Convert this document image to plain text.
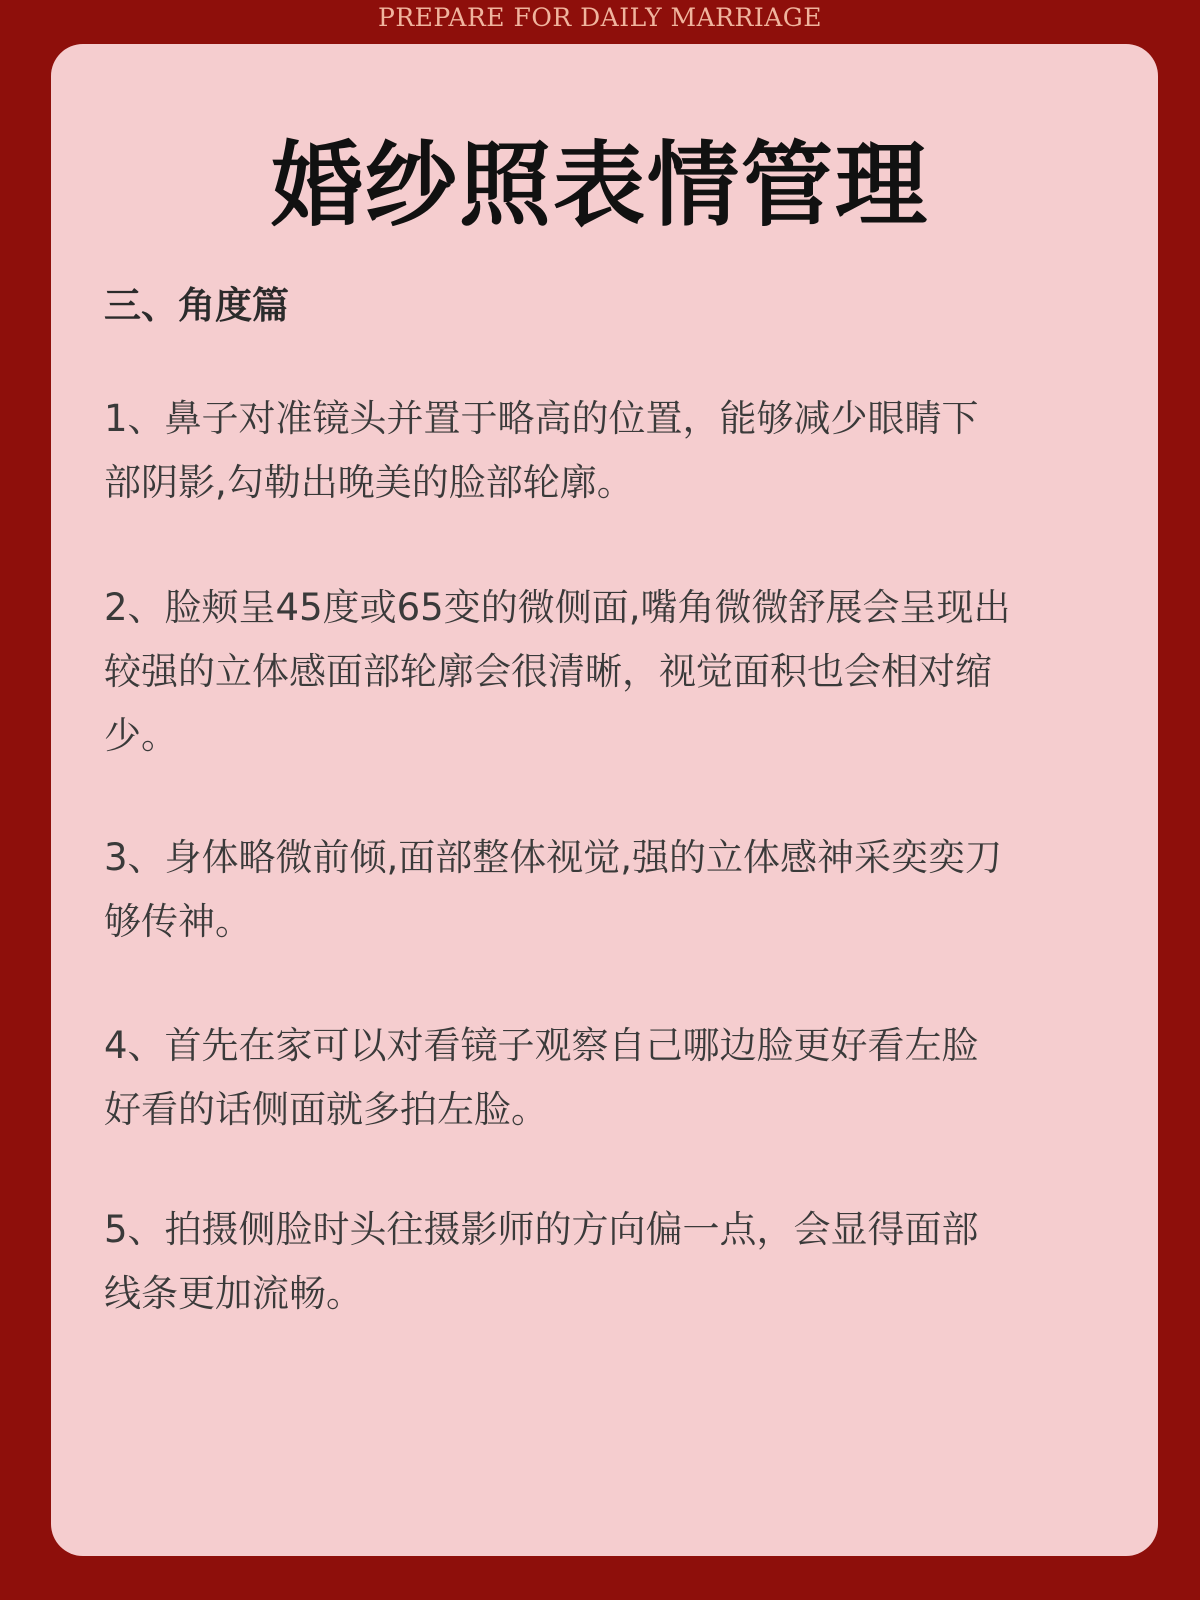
PREPARE FOR DAILY MARRIAGE
婚纱照表情管理
三、角度篇
1、鼻子对准镜头并置于略高的位置，能够减少眼睛下
部阴影,勾勒出晚美的脸部轮廓。
2、脸颊呈45度或65变的微侧面,嘴角微微舒展会呈现出
较强的立体感面部轮廓会很清晰，视觉面积也会相对缩
少。
3、身体略微前倾,面部整体视觉,强的立体感神采奕奕刀
够传神。
4、首先在家可以对看镜子观察自己哪边脸更好看左脸
好看的话侧面就多拍左脸。
5、拍摄侧脸时头往摄影师的方向偏一点，会显得面部
线条更加流畅。
